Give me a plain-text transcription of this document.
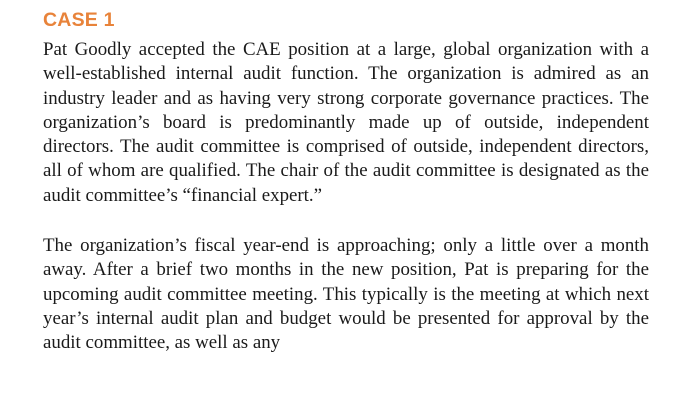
CASE 1

Pat Goodly accepted the CAE position at a large, global organization with a well-established internal audit function. The organization is admired as an industry leader and as having very strong corporate governance practices. The organization’s board is predominantly made up of outside, independent directors. The audit committee is comprised of outside, independent directors, all of whom are qualified. The chair of the audit committee is designated as the audit committee’s “financial expert.”

The organization’s fiscal year-end is approaching; only a little over a month away. After a brief two months in the new position, Pat is preparing for the upcoming audit committee meeting. This typically is the meeting at which next year’s internal audit plan and budget would be presented for approval by the audit committee, as well as any
